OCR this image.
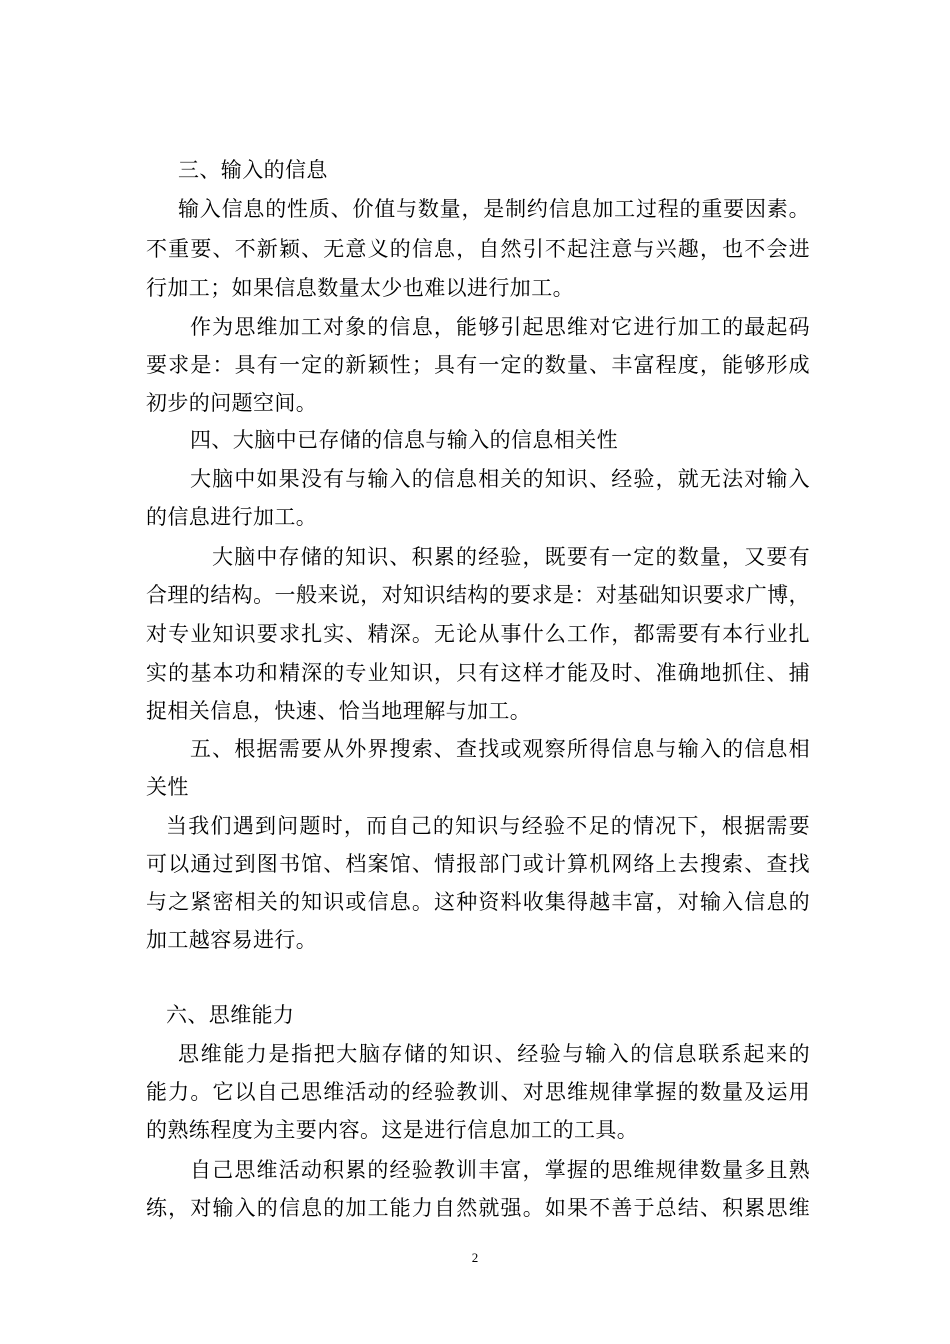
三、输入的信息
输入信息的性质、价值与数量，是制约信息加工过程的重要因素。
不重要、不新颖、无意义的信息，自然引不起注意与兴趣，也不会进
行加工；如果信息数量太少也难以进行加工。
作为思维加工对象的信息，能够引起思维对它进行加工的最起码
要求是：具有一定的新颖性；具有一定的数量、丰富程度，能够形成
初步的问题空间。
四、大脑中已存储的信息与输入的信息相关性
大脑中如果没有与输入的信息相关的知识、经验，就无法对输入
的信息进行加工。
大脑中存储的知识、积累的经验，既要有一定的数量，又要有
合理的结构。一般来说，对知识结构的要求是：对基础知识要求广博，
对专业知识要求扎实、精深。无论从事什么工作，都需要有本行业扎
实的基本功和精深的专业知识，只有这样才能及时、准确地抓住、捕
捉相关信息，快速、恰当地理解与加工。
五、根据需要从外界搜索、查找或观察所得信息与输入的信息相
关性
当我们遇到问题时，而自己的知识与经验不足的情况下，根据需要
可以通过到图书馆、档案馆、情报部门或计算机网络上去搜索、查找
与之紧密相关的知识或信息。这种资料收集得越丰富，对输入信息的
加工越容易进行。
六、思维能力
思维能力是指把大脑存储的知识、经验与输入的信息联系起来的
能力。它以自己思维活动的经验教训、对思维规律掌握的数量及运用
的熟练程度为主要内容。这是进行信息加工的工具。
自己思维活动积累的经验教训丰富，掌握的思维规律数量多且熟
练，对输入的信息的加工能力自然就强。如果不善于总结、积累思维
2
